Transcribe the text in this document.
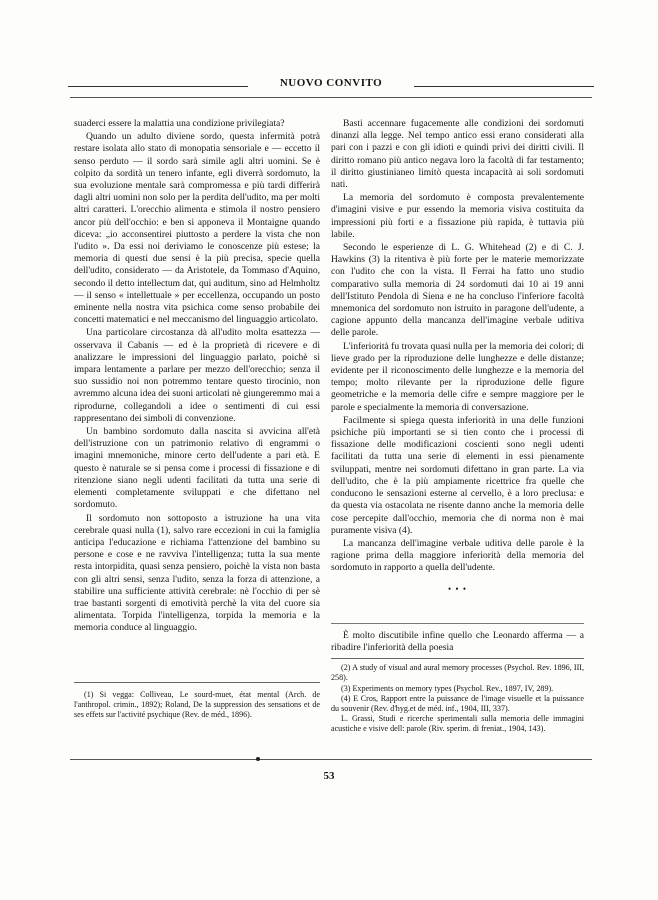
NUOVO CONVITO

suaderci essere la malattia una condizione privilegiata?

Quando un adulto diviene sordo, questa infermità potrà restare isolata allo stato di monopatia sensoriale e — eccetto il senso perduto — il sordo sarà simile agli altri uomini. Se è colpito da sordità un tenero infante, egli diverrà sordomuto, la sua evoluzione mentale sarà compromessa e più tardi differirà dagli altri uomini non solo per la perdita dell'udito, ma per molti altri caratteri. L'orecchio alimenta e stimola il nostro pensiero ancor più dell'occhio: e ben si apponeva il Montaigne quando diceva: „io acconsentirei piuttosto a perdere la vista che non l'udito ». Da essi noi deriviamo le conoscenze più estese; la memoria di questi due sensi è la più precisa, specie quella dell'udito, considerato — da Aristotele, da Tommaso d'Aquino, secondo il detto intellectum dat, qui auditum, sino ad Helmholtz — il senso « intellettuale » per eccellenza, occupando un posto eminente nella nostra vita psichica come senso probabile dei concetti matematici e nel meccanismo del linguaggio articolato.

Una particolare circostanza dà all'udito molta esattezza — osservava il Cabanis — ed è la proprietà di ricevere e di analizzare le impressioni del linguaggio parlato, poichè si impara lentamente a parlare per mezzo dell'orecchio; senza il suo sussidio noi non potremmo tentare questo tirocinio, non avremmo alcuna idea dei suoni articolati nè giungeremmo mai a riprodurne, collegandoli a idee o sentimenti di cui essi rappresentano dei simboli di convenzione.

Un bambino sordomuto dalla nascita si avvicina all'età dell'istruzione con un patrimonio relativo di engrammi o imagini mnemoniche, minore certo dell'udente a pari età. E questo è naturale se si pensa come i processi di fissazione e di ritenzione siano negli udenti facilitati da tutta una serie di elementi completamente sviluppati e che difettano nel sordomuto.

Il sordomuto non sottoposto a istruzione ha una vita cerebrale quasi nulla (1), salvo rare eccezioni in cui la famiglia anticipa l'educazione e richiama l'attenzione del bambino su persone e cose e ne ravviva l'intelligenza; tutta la sua mente resta intorpidita, quasi senza pensiero, poichè la vista non basta con gli altri sensi, senza l'udito, senza la forza di attenzione, a stabilire una sufficiente attività cerebrale: nè l'occhio di per sè trae bastanti sorgenti di emotività perchè la vita del cuore sia alimentata. Torpida l'intelligenza, torpida la memoria e la memoria conduce al linguaggio.

(1) Si vegga: Colliveau, Le sourd-muet, état mental (Arch. de l'anthropol. crimin., 1892); Roland, De la suppression des sensations et de ses effets sur l'activité psychique (Rev. de méd., 1896).

Basti accennare fugacemente alle condizioni dei sordomuti dinanzi alla legge. Nel tempo antico essi erano considerati alla pari con i pazzi e con gli idioti e quindi privi dei diritti civili. Il diritto romano più antico negava loro la facoltà di far testamento; il diritto giustinianeo limitò questa incapacità ai soli sordomuti nati.

La memoria del sordomuto è composta prevalentemente d'imagini visive e pur essendo la memoria visiva costituita da impressioni più forti e a fissazione più rapida, è tuttavia più labile.

Secondo le esperienze di L. G. Whitehead (2) e di C. J. Hawkins (3) la ritentiva è più forte per le materie memorizzate con l'udito che con la vista. Il Ferrai ha fatto uno studio comparativo sulla memoria di 24 sordomuti dai 10 ai 19 anni dell'Istituto Pendola di Siena e ne ha concluso l'inferiore facoltà mnemonica del sordomuto non istruito in paragone dell'udente, a cagione appunto della mancanza dell'imagine verbale uditiva delle parole.

L'inferiorità fu trovata quasi nulla per la memoria dei colori; di lieve grado per la riproduzione delle lunghezze e delle distanze; evidente per il riconoscimento delle lunghezze e la memoria del tempo; molto rilevante per la riproduzione delle figure geometriche e la memoria delle cifre e sempre maggiore per le parole e specialmente la memoria di conversazione.

Facilmente si spiega questa inferiorità in una delle funzioni psichiche più importanti se si tien conto che i processi di fissazione delle modificazioni coscienti sono negli udenti facilitati da tutta una serie di elementi in essi pienamente sviluppati, mentre nei sordomuti difettano in gran parte. La via dell'udito, che è la più ampiamente ricettrice fra quelle che conducono le sensazioni esterne al cervello, è a loro preclusa: e da questa via ostacolata ne risente danno anche la memoria delle cose percepite dall'occhio, memoria che di norma non è mai puramente visiva (4).

La mancanza dell'imagine verbale uditiva delle parole è la ragione prima della maggiore inferiorità della memoria del sordomuto in rapporto a quella dell'udente.

• • •

È molto discutibile infine quello che Leonardo afferma — a ribadire l'inferiorità della poesia

(2) A study of visual and aural memory processes (Psychol. Rev. 1896, III, 258).

(3) Experiments on memory types (Psychol. Rev., 1897, IV, 289).

(4) E Cros, Rapport entre la puissance de l'image visuelle et la puissance du souvenir (Rev. d'hyg.et de méd. inf., 1904, III, 337).

L. Grassi, Studi e ricerche sperimentali sulla memoria delle immagini acustiche e visive dell: parole (Riv. sperim. di freniat., 1904, 143).

53
